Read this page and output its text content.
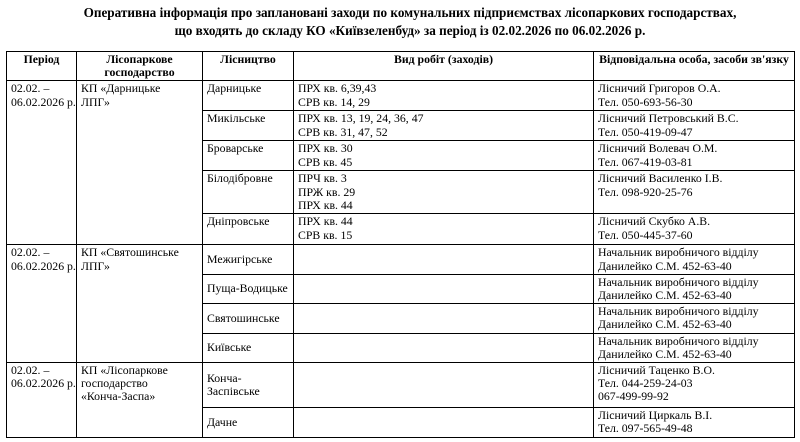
Оперативна інформація про заплановані заходи по комунальних підприємствах лісопаркових господарствах,
що входять до складу КО «Київзеленбуд» за період із 02.02.2026 по 06.02.2026 р.
Період	Лісопаркове господарство	Лісництво	Вид робіт (заходів)	Відповідальна особа, засоби зв'язку

02.02. –
06.02.2026 р.	КП «Дарницьке
ЛПГ»	Дарницьке	ПРХ кв. 6,39,43
СРВ кв. 14, 29	Лісничий Григоров О.А.
Тел. 050-693-56-30

		Микільське	ПРХ кв. 13, 19, 24, 36, 47
СРВ кв. 31, 47, 52	Лісничий Петровський В.С.
Тел. 050-419-09-47

		Броварське	ПРХ кв. 30
СРВ кв. 45	Лісничий Волевач О.М.
Тел. 067-419-03-81

		Білодібровне	ПРЧ кв. 3
ПРЖ кв. 29
ПРХ кв. 44	Лісничий Василенко І.В.
Тел. 098-920-25-76

		Дніпровське	ПРХ кв. 44
СРВ кв. 15	Лісничий Скубко А.В.
Тел. 050-445-37-60

02.02. –
06.02.2026 р.	КП «Святошинське
ЛПГ»	Межигірське		Начальник виробничого відділу
Данилейко С.М. 452-63-40

		Пуща-Водицьке		Начальник виробничого відділу
Данилейко С.М. 452-63-40

		Святошинське		Начальник виробничого відділу
Данилейко С.М. 452-63-40

		Київське		Начальник виробничого відділу
Данилейко С.М. 452-63-40

02.02. –
06.02.2026 р.	КП «Лісопаркове
господарство
«Конча-Заспа»	Конча-
Заспівське		Лісничий Таценко В.О.
Тел. 044-259-24-03
067-499-99-92

		Дачне		Лісничий Циркаль В.І.
Тел. 097-565-49-48
